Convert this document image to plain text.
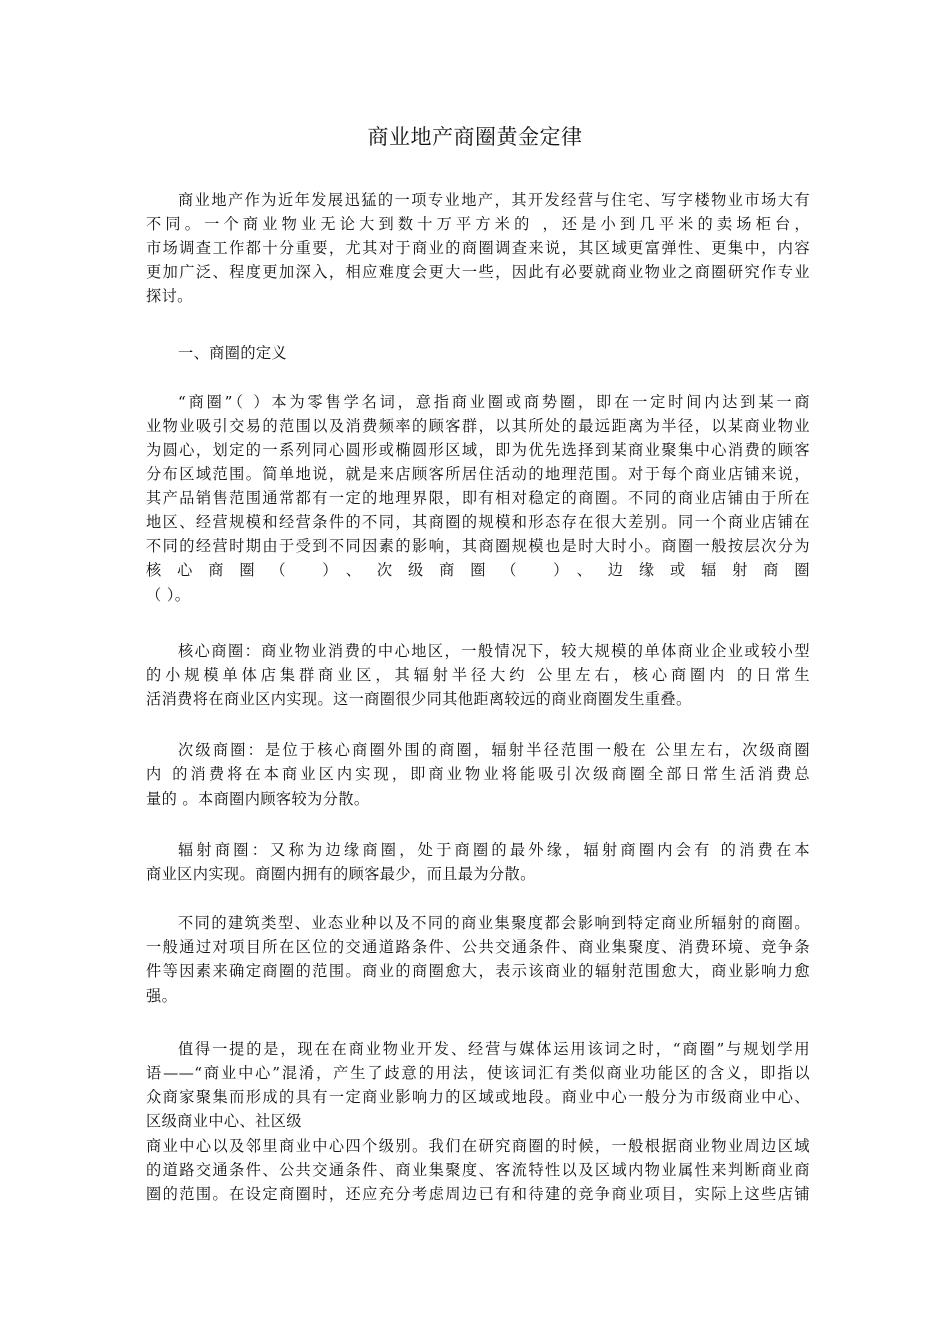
商业地产商圈黄金定律
商业地产作为近年发展迅猛的一项专业地产，其开发经营与住宅、写字楼物业市场大有
不同。一个商业物业无论大到数十万平方米的 ，还是小到几平米的卖场柜台，
市场调查工作都十分重要，尤其对于商业的商圈调查来说，其区域更富弹性、更集中，内容
更加广泛、程度更加深入，相应难度会更大一些，因此有必要就商业物业之商圈研究作专业
探讨。
一、商圈的定义
“商圈”（ ）本为零售学名词，意指商业圈或商势圈，即在一定时间内达到某一商
业物业吸引交易的范围以及消费频率的顾客群，以其所处的最远距离为半径，以某商业物业
为圆心，划定的一系列同心圆形或椭圆形区域，即为优先选择到某商业聚集中心消费的顾客
分布区域范围。简单地说，就是来店顾客所居住活动的地理范围。对于每个商业店铺来说，
其产品销售范围通常都有一定的地理界限，即有相对稳定的商圈。不同的商业店铺由于所在
地区、经营规模和经营条件的不同，其商圈的规模和形态存在很大差别。同一个商业店铺在
不同的经营时期由于受到不同因素的影响，其商圈规模也是时大时小。商圈一般按层次分为
核心商圈（ ）、次级商圈（ ）、边缘或辐射商圈
（ ）。
核心商圈：商业物业消费的中心地区，一般情况下，较大规模的单体商业企业或较小型
的小规模单体店集群商业区，其辐射半径大约 公里左右，核心商圈内 的日常生
活消费将在商业区内实现。这一商圈很少同其他距离较远的商业商圈发生重叠。
次级商圈：是位于核心商圈外围的商圈，辐射半径范围一般在 公里左右，次级商圈
内 的消费将在本商业区内实现，即商业物业将能吸引次级商圈全部日常生活消费总
量的 。本商圈内顾客较为分散。
辐射商圈：又称为边缘商圈，处于商圈的最外缘，辐射商圈内会有 的消费在本
商业区内实现。商圈内拥有的顾客最少，而且最为分散。
不同的建筑类型、业态业种以及不同的商业集聚度都会影响到特定商业所辐射的商圈。
一般通过对项目所在区位的交通道路条件、公共交通条件、商业集聚度、消费环境、竞争条
件等因素来确定商圈的范围。商业的商圈愈大，表示该商业的辐射范围愈大，商业影响力愈
强。
值得一提的是，现在在商业物业开发、经营与媒体运用该词之时，“商圈”与规划学用
语——“商业中心”混淆，产生了歧意的用法，使该词汇有类似商业功能区的含义，即指以
众商家聚集而形成的具有一定商业影响力的区域或地段。商业中心一般分为市级商业中心、
区级商业中心、社区级
商业中心以及邻里商业中心四个级别。我们在研究商圈的时候，一般根据商业物业周边区域
的道路交通条件、公共交通条件、商业集聚度、客流特性以及区域内物业属性来判断商业商
圈的范围。在设定商圈时，还应充分考虑周边已有和待建的竞争商业项目，实际上这些店铺
